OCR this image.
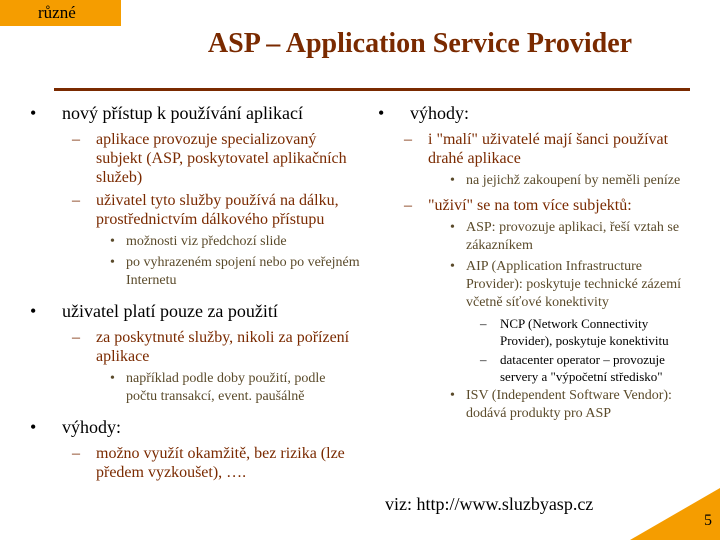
různé
ASP – Application Service Provider
• nový přístup k používání aplikací
– aplikace provozuje specializovaný subjekt (ASP, poskytovatel aplikačních služeb)
– uživatel tyto služby používá na dálku, prostřednictvím dálkového přístupu
• možnosti viz předchozí slide
• po vyhrazeném spojení nebo po veřejném Internetu
• uživatel platí pouze za použití
– za poskytnuté služby, nikoli za pořízení aplikace
• například podle doby použití, podle počtu transakcí, event. paušálně
• výhody:
– možno využít okamžitě, bez rizika (lze předem vyzkoušet), ….
• výhody:
– i "malí" uživatelé mají šanci používat drahé aplikace
• na jejichž zakoupení by neměli peníze
– "uživí" se na tom více subjektů:
• ASP: provozuje aplikaci, řeší vztah se zákazníkem
• AIP (Application Infrastructure Provider): poskytuje technické zázemí včetně síťové konektivity
– NCP (Network Connectivity Provider), poskytuje konektivitu
– datacenter operator – provozuje servery a "výpočetní středisko"
• ISV (Independent Software Vendor): dodává produkty pro ASP
viz: http://www.sluzbyasp.cz
5
